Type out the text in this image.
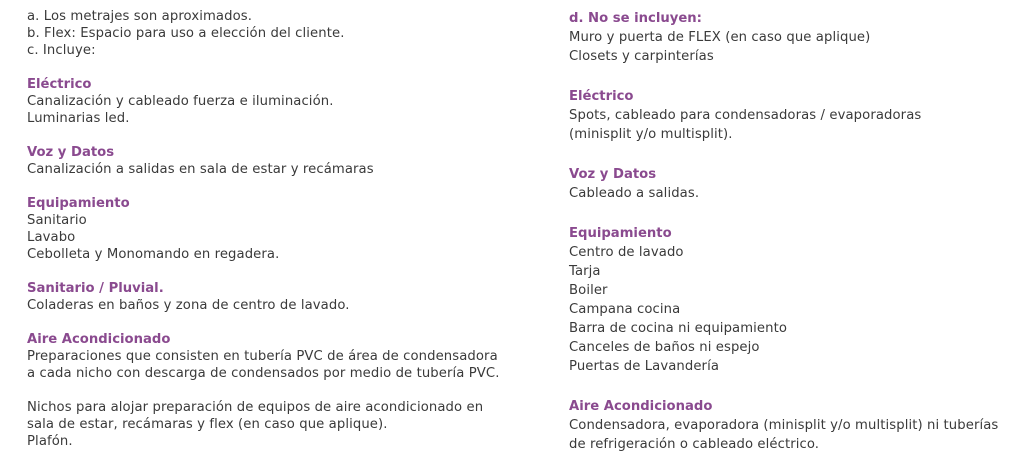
a. Los metrajes son aproximados.
b. Flex: Espacio para uso a elección del cliente.
c. Incluye:
Eléctrico
Canalización y cableado fuerza e iluminación.
Luminarias led.
Voz y Datos
Canalización a salidas en sala de estar y recámaras
Equipamiento
Sanitario
Lavabo
Cebolleta y Monomando en regadera.
Sanitario / Pluvial.
Coladeras en baños y zona de centro de lavado.
Aire Acondicionado
Preparaciones que consisten en tubería PVC de área de condensadora
a cada nicho con descarga de condensados por medio de tubería PVC.
Nichos para alojar preparación de equipos de aire acondicionado en
sala de estar, recámaras y flex (en caso que aplique).
Plafón.
d. No se incluyen:
Muro y puerta de FLEX (en caso que aplique)
Closets y carpinterías
Eléctrico
Spots, cableado para condensadoras / evaporadoras
(minisplit y/o multisplit).
Voz y Datos
Cableado a salidas.
Equipamiento
Centro de lavado
Tarja
Boiler
Campana cocina
Barra de cocina ni equipamiento
Canceles de baños ni espejo
Puertas de Lavandería
Aire Acondicionado
Condensadora, evaporadora (minisplit y/o multisplit) ni tuberías
de refrigeración o cableado eléctrico.
